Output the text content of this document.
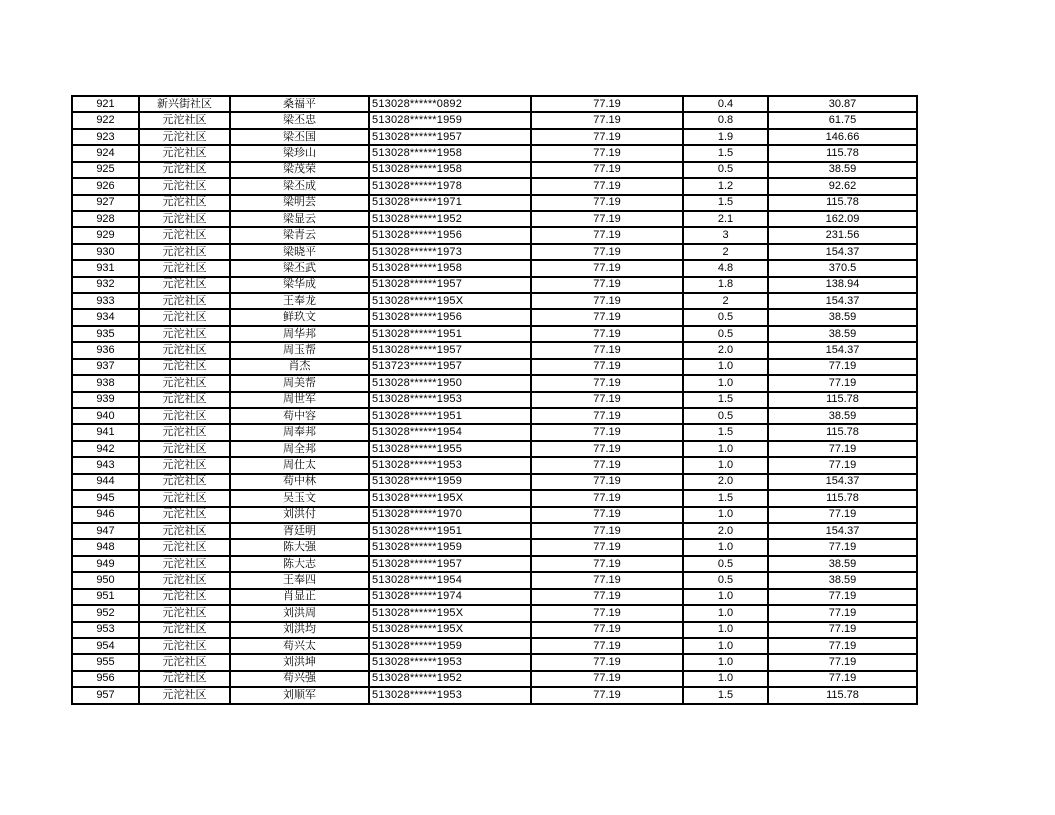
921	新兴街社区	桑福平	513028******0892	77.19	0.4	30.87
922	元沱社区	梁丕忠	513028******1959	77.19	0.8	61.75
923	元沱社区	梁丕国	513028******1957	77.19	1.9	146.66
924	元沱社区	梁珍山	513028******1958	77.19	1.5	115.78
925	元沱社区	梁茂荣	513028******1958	77.19	0.5	38.59
926	元沱社区	梁丕成	513028******1978	77.19	1.2	92.62
927	元沱社区	梁明芸	513028******1971	77.19	1.5	115.78
928	元沱社区	梁显云	513028******1952	77.19	2.1	162.09
929	元沱社区	梁青云	513028******1956	77.19	3	231.56
930	元沱社区	梁晓平	513028******1973	77.19	2	154.37
931	元沱社区	梁丕武	513028******1958	77.19	4.8	370.5
932	元沱社区	梁华成	513028******1957	77.19	1.8	138.94
933	元沱社区	王奉龙	513028******195X	77.19	2	154.37
934	元沱社区	鲜玖文	513028******1956	77.19	0.5	38.59
935	元沱社区	周华邦	513028******1951	77.19	0.5	38.59
936	元沱社区	周玉帮	513028******1957	77.19	2.0	154.37
937	元沱社区	肖杰	513723******1957	77.19	1.0	77.19
938	元沱社区	周美帮	513028******1950	77.19	1.0	77.19
939	元沱社区	周世军	513028******1953	77.19	1.5	115.78
940	元沱社区	苟中容	513028******1951	77.19	0.5	38.59
941	元沱社区	周奉邦	513028******1954	77.19	1.5	115.78
942	元沱社区	周全邦	513028******1955	77.19	1.0	77.19
943	元沱社区	周仕太	513028******1953	77.19	1.0	77.19
944	元沱社区	苟中林	513028******1959	77.19	2.0	154.37
945	元沱社区	吴玉文	513028******195X	77.19	1.5	115.78
946	元沱社区	刘洪付	513028******1970	77.19	1.0	77.19
947	元沱社区	胥廷明	513028******1951	77.19	2.0	154.37
948	元沱社区	陈大强	513028******1959	77.19	1.0	77.19
949	元沱社区	陈大志	513028******1957	77.19	0.5	38.59
950	元沱社区	王奉四	513028******1954	77.19	0.5	38.59
951	元沱社区	肖显正	513028******1974	77.19	1.0	77.19
952	元沱社区	刘洪周	513028******195X	77.19	1.0	77.19
953	元沱社区	刘洪均	513028******195X	77.19	1.0	77.19
954	元沱社区	苟兴太	513028******1959	77.19	1.0	77.19
955	元沱社区	刘洪坤	513028******1953	77.19	1.0	77.19
956	元沱社区	苟兴强	513028******1952	77.19	1.0	77.19
957	元沱社区	刘顺军	513028******1953	77.19	1.5	115.78
